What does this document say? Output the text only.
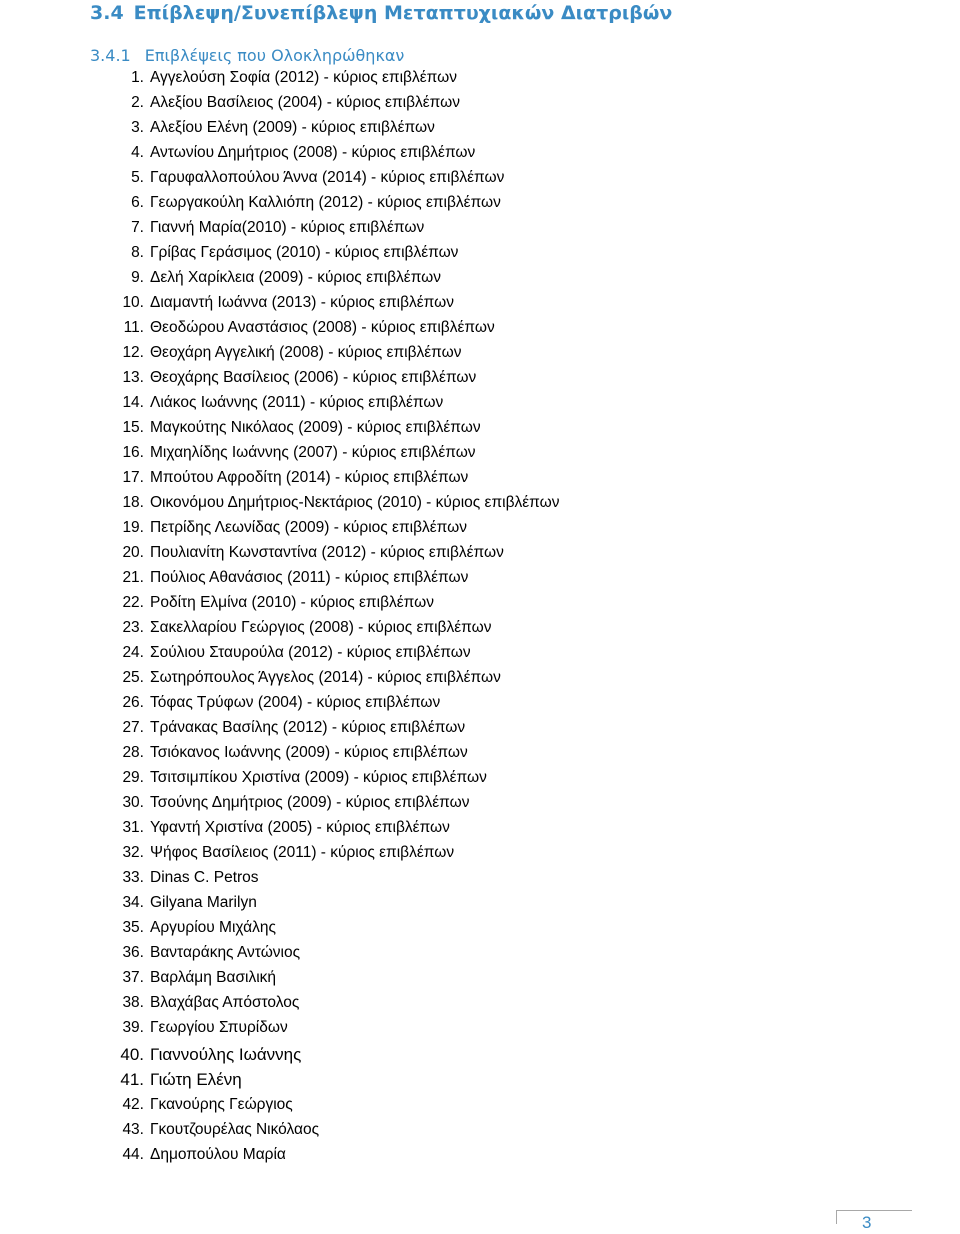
3.4 Επίβλεψη/Συνεπίβλεψη Μεταπτυχιακών Διατριβών
3.4.1 Επιβλέψεις που Ολοκληρώθηκαν
1. Αγγελούση Σοφία (2012) - κύριος επιβλέπων
2. Αλεξίου Βασίλειος (2004) - κύριος επιβλέπων
3. Αλεξίου Ελένη (2009) - κύριος επιβλέπων
4. Αντωνίου Δημήτριος (2008) - κύριος επιβλέπων
5. Γαρυφαλλοπούλου Άννα (2014) - κύριος επιβλέπων
6. Γεωργακούλη Καλλιόπη (2012) - κύριος επιβλέπων
7. Γιαννή Μαρία(2010) - κύριος επιβλέπων
8. Γρίβας Γεράσιμος (2010) - κύριος επιβλέπων
9. Δελή Χαρίκλεια (2009) - κύριος επιβλέπων
10. Διαμαντή Ιωάννα (2013) - κύριος επιβλέπων
11. Θεοδώρου Αναστάσιος (2008) - κύριος επιβλέπων
12. Θεοχάρη Αγγελική (2008) - κύριος επιβλέπων
13. Θεοχάρης Βασίλειος (2006) - κύριος επιβλέπων
14. Λιάκος Ιωάννης (2011) - κύριος επιβλέπων
15. Μαγκούτης Νικόλαος (2009) - κύριος επιβλέπων
16. Μιχαηλίδης Ιωάννης (2007) - κύριος επιβλέπων
17. Μπούτου Αφροδίτη (2014) - κύριος επιβλέπων
18. Οικονόμου Δημήτριος-Νεκτάριος (2010) - κύριος επιβλέπων
19. Πετρίδης Λεωνίδας (2009) - κύριος επιβλέπων
20. Πουλιανίτη Κωνσταντίνα (2012) - κύριος επιβλέπων
21. Πούλιος Αθανάσιος (2011) - κύριος επιβλέπων
22. Ροδίτη Ελμίνα (2010) - κύριος επιβλέπων
23. Σακελλαρίου Γεώργιος (2008) - κύριος επιβλέπων
24. Σούλιου Σταυρούλα (2012) - κύριος επιβλέπων
25. Σωτηρόπουλος Άγγελος (2014) - κύριος επιβλέπων
26. Τόφας Τρύφων (2004) - κύριος επιβλέπων
27. Τράνακας Βασίλης (2012) - κύριος επιβλέπων
28. Τσιόκανος Ιωάννης (2009) - κύριος επιβλέπων
29. Τσιτσιμπίκου Χριστίνα (2009) - κύριος επιβλέπων
30. Τσούνης Δημήτριος (2009) - κύριος επιβλέπων
31. Υφαντή Χριστίνα (2005) - κύριος επιβλέπων
32. Ψήφος Βασίλειος (2011) - κύριος επιβλέπων
33. Dinas C. Petros
34. Gilyana Marilyn
35. Αργυρίου Μιχάλης
36. Βανταράκης Αντώνιος
37. Βαρλάμη Βασιλική
38. Βλαχάβας Απόστολος
39. Γεωργίου Σπυρίδων
40. Γιαννούλης Ιωάννης
41. Γιώτη Ελένη
42. Γκανούρης Γεώργιος
43. Γκουτζουρέλας Νικόλαος
44. Δημοπούλου Μαρία
3
